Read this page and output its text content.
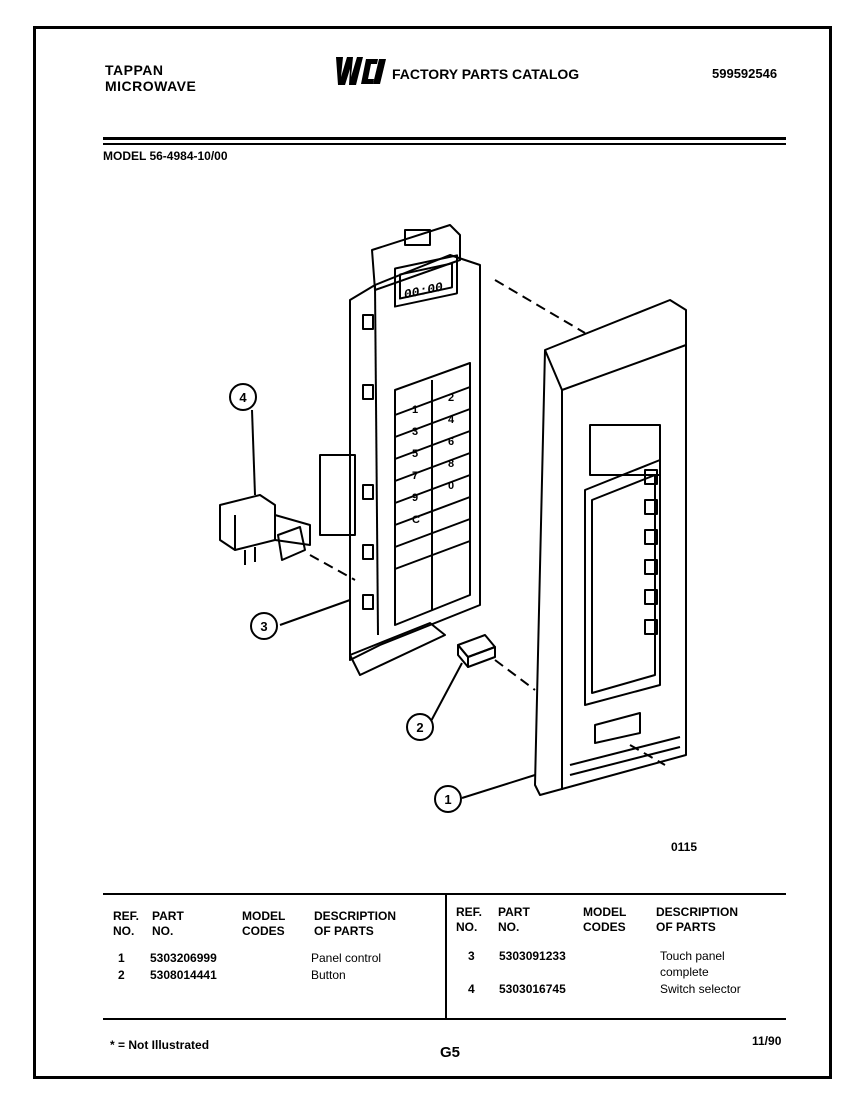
TAPPAN
MICROWAVE
FACTORY PARTS CATALOG	599592546
MODEL 56-4984-10/00
00:00
1
2
3
4
5
6
7
8
9
0
C
4
3
2
1
0115
REF.
NO.
PART
NO.
MODEL
CODES
DESCRIPTION
OF PARTS
REF.
NO.
PART
NO.
MODEL
CODES
DESCRIPTION
OF PARTS
1 5303206999	Panel control
2 5308014441	Button
3 5303091233	Touch panel
complete
4 5303016745	Switch selector
* = Not Illustrated	G5
11/90
